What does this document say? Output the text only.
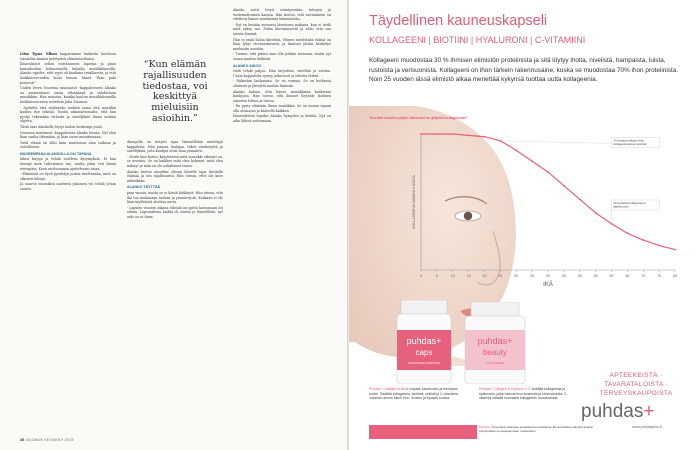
Liisa Tyyne Nikon kaipaisimme kaikesta huoltoon vieraiden kanssa pidetyissä elämäntaidoissa.

Ilmavuksisti sellon esittämiseen lapsena ja piani kansakoulun kohusensella kuhalla musiikkikaralla. Alanko epäilee, että syysi oli kaukana tavallisesta, ja että luokkatovereiden laulu lumosi hänet "ihan pala peneesti".

Uuden levyn Nuorena muistanut -kappaleeseen Alanko on ammentanut omaa elämäänsä ja suhdettaan musiikkiin. Hän muistaa, kuinka koulun musiikkitunnilla luokkatovereista soitettiin Juha Maunoa.

- Ajattelin että voidaanko maksta sama että musiikin kuuluu itse sekeää. Tuntui uskomattomalta, että hän pystyi tekemään virheitä ja sävellyksiä ilman mitään ohjetta.

Tästä taas Alankolle löytyi laulun herkempi puoli.

Nuorena muistanut -kappaleessa Alanko toteaa: Nyt olen liian vanha itkemään, ja liian nuori muuttumaan.

Vielä elämä on ollut kuin muistoissa aina vaikeaa ja vaivalloista.

NUOREMPANA ALANGOLLA OLI TAPANA

lukea kirjoja ja tehdä itselleen kysymyksiä. Ei hän tiennyt mitä tulevaisuus tuo, mutta jokin veti häntä eteenpäin. Koen mieluummin ajattelevani asiaa.

- Elämässä on hyvä pysähtyä joskus miettimään, mitä on oikeasti tehnyt.

Ja suuren muusikon mielestä jokainen voi tehdä jotain suurta.

“Kun elämän rajallisuuden tiedostaa, voi keskittyä mieluisiin asioihin.”

Alangolla on tietysti sijaa lämmöllekin mietittyjä kappaleita. Hän painaa laulajaa, tekee studiotyötä ja sävellyksiä, joita kuulijat eivät aina ymmärrä.

- Mutta kun kertoo kysyttäessä mitä musiikki oikeasti on, se avautuu. Se on kaikkea mitä olen kokenut, mitä olen nähnyt ja mitä en ole uskaltanut sanoa.

Alanko kertoo musiikin olevan hänelle tapa käsitellä elämää ja sen rajallisuutta. Hän toteaa, ettei ole kiire mihinkään.

ALANKO TÄYTTÄÄ

pian vuosia, mutta se ei häntä hätkäytä. Hän toteaa, että ikä tuo mukanaan rauhaa ja ymmärrystä. Koskaan ei ole liian myöhäistä aloittaa uutta.

- Lapsien vuosien aikana elämää on opittu katsomaan eri silmin. Lapsuudessa kaikki oli suurta ja ihmeellistä, nyt arki on se ihme.

Alanko soitti levyä esiintyessään tuttujen ja tuntemattomien kanssa. Hän kertoo, että soittaminen on edelleen hänen mieluisinta tekemistään.

- Nyt on kesään menossa kiertueen mukana, kun ei tiedä mitä syksy tuo. Pidän kiertämisestä ja siitä, että saa tavata ihmisiä.

Hän ei enää halua kiirehtiä. Hänen mielestään elämä on liian lyhyt stressaamiseen, ja ihmisen pitäisi keskittyä mieluisiin asioihin.

- Tuntuu, että pitäisi aina olla jotakin menossa, mutta nyt osaan nauttia hetkistä.

ALANKO AIKOO

vielä tehdä paljon. Hän kirjoittaa, säveltää ja soittaa. Uusia kappaleita syntyy jatkuvasti ja ideoita riittää.

- Rakastan laulamista. Se on voimaa. Se on hetkessä olemista ja yhteyttä muihin ihmisiin.

Alanko haluaa, että hänen musiikkinsa koskettaa kuulijoita. Hän toivoo, että ihmiset löytävät laulujen sanoista lohtua ja toivoa.

- En pysty elämään ilman musiikkia. Se on minun tapani olla olemassa ja käsitellä kaikkea.

Haastattelun lopuksi Alanko hymyilee ja kiittää. Nyt on aika lähteä soittamaan.

26 GLOBUS KEVÄKKY 2019
Täydellinen kauneuskapseli
KOLLAGEENI | BIOTIINI | HYALURONI | C-VITAMIINI
Kollageeni muodostaa 30 % ihmisen elimistön proteiinista ja sitä löytyy iholta, nivelistä, hampaista, luista, rustoista ja verisuonista. Kollageeni on ihon tärkein rakennusaine, koska se muodostaa 70% ihon proteiinista. Noin 25 vuoden iässä elimistö alkaa menettää kykynsä tuottaa uutta kollageenia.
Tiesitkö kuinka paljon ihossasi on jäljellä kollageenia?
0	5	10	15	20	25	30	35	40	45	50	55	60	65	70	75	80
IKÄ
KOLLAGEENIN MÄÄRÄ IHOSSA
20-vuotiaana alkaen iholta kollageenia katoaa vuosittain
60-vuotiaana kollageenia on jäljellä puolet
puhdas+
caps
HYALURONI & BIOTIINI
puhdas+
beauty
KOLLAGEENI
Puhdas+ Collagen & Biotin kapseli kauneuden ja terveyden tueksi. Sisältää kollageenia, biotiinia, sinkkiä ja C-vitamiinia. Jokainen annos tukee ihon, hiusten ja kynsien kuntoa.
Puhdas+ Collagen & Hyaluron + C sisältää kollageenia ja hyaluronia, jotka tukevat ihon kosteutta ja kimmoisuutta. C-vitamiini edistää normaalia kollageenin muodostusta.
APTEEKEISTÄ · TAVARATALOISTA · TERVEYSKAUPOISTA
puhdas+
www.puhdasplus.fi
Puhdas+ Tervetuloa ottamaan tuotteistamme lisätietoa. Ei ravintolisien käyttöä aineksi monipuolisen ja tasapainoisen ruokavalion.
